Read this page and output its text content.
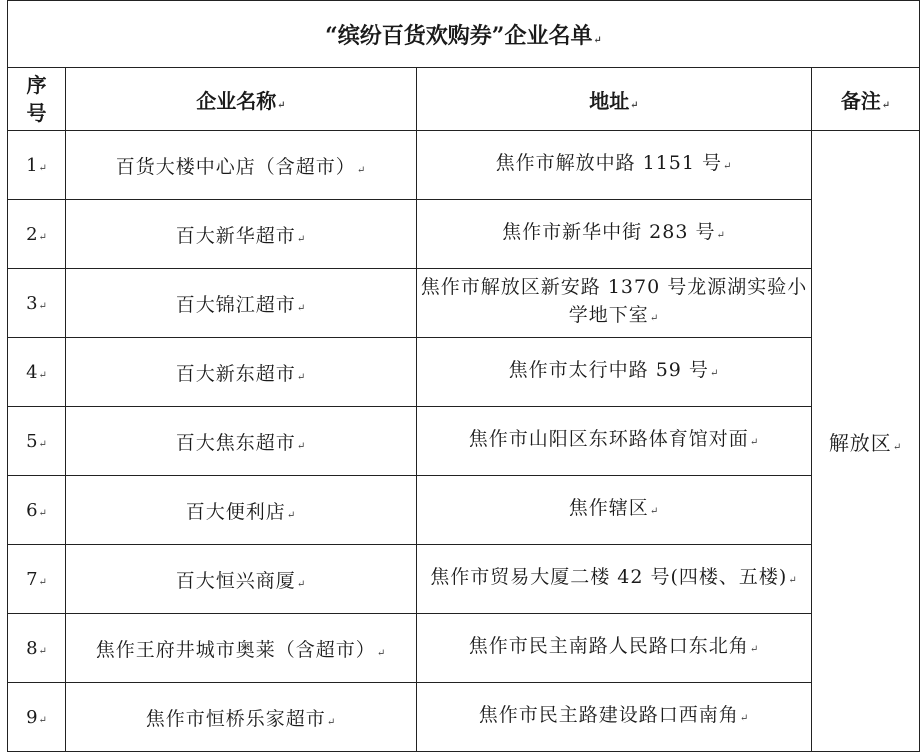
“缤纷百货欢购券”企业名单↵			
序号	企业名称↵	地址↵	备注↵
1↵	百货大楼中心店（含超市）↵	焦作市解放中路 1151 号↵	解放区↵
2↵	百大新华超市↵	焦作市新华中街 283 号↵	
3↵	百大锦江超市↵	焦作市解放区新安路 1370 号龙源湖实验小学地下室↵	
4↵	百大新东超市↵	焦作市太行中路 59 号↵	
5↵	百大焦东超市↵	焦作市山阳区东环路体育馆对面↵	
6↵	百大便利店↵	焦作辖区↵	
7↵	百大恒兴商厦↵	焦作市贸易大厦二楼 42 号(四楼、五楼)↵	
8↵	焦作王府井城市奥莱（含超市）↵	焦作市民主南路人民路口东北角↵	
9↵	焦作市恒桥乐家超市↵	焦作市民主路建设路口西南角↵	
